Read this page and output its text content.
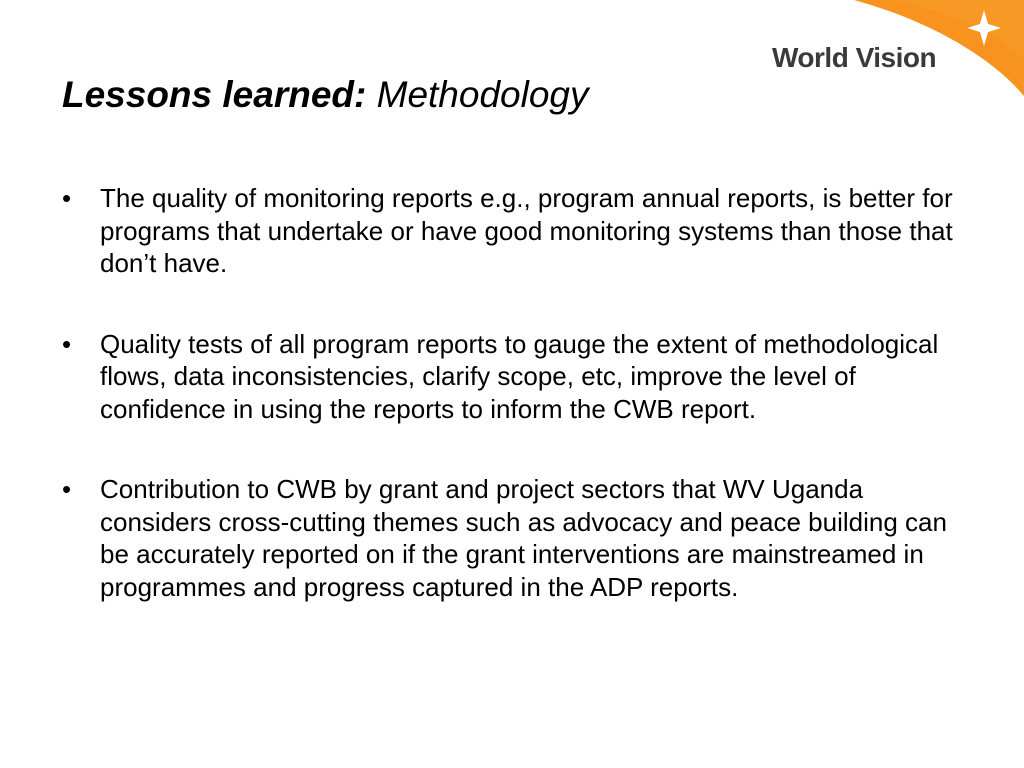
World Vision
Lessons learned: Methodology
•	The quality of monitoring reports e.g., program annual reports, is better for programs that undertake or have good monitoring systems than those that don’t have.
•	Quality tests of all program reports to gauge the extent of methodological flows, data inconsistencies, clarify scope, etc, improve the level of confidence in using the reports to inform the CWB report.
•	Contribution to CWB by grant and project sectors that WV Uganda considers cross-cutting themes such as advocacy and peace building can be accurately reported on if the grant interventions are mainstreamed in programmes and progress captured in the ADP reports.
